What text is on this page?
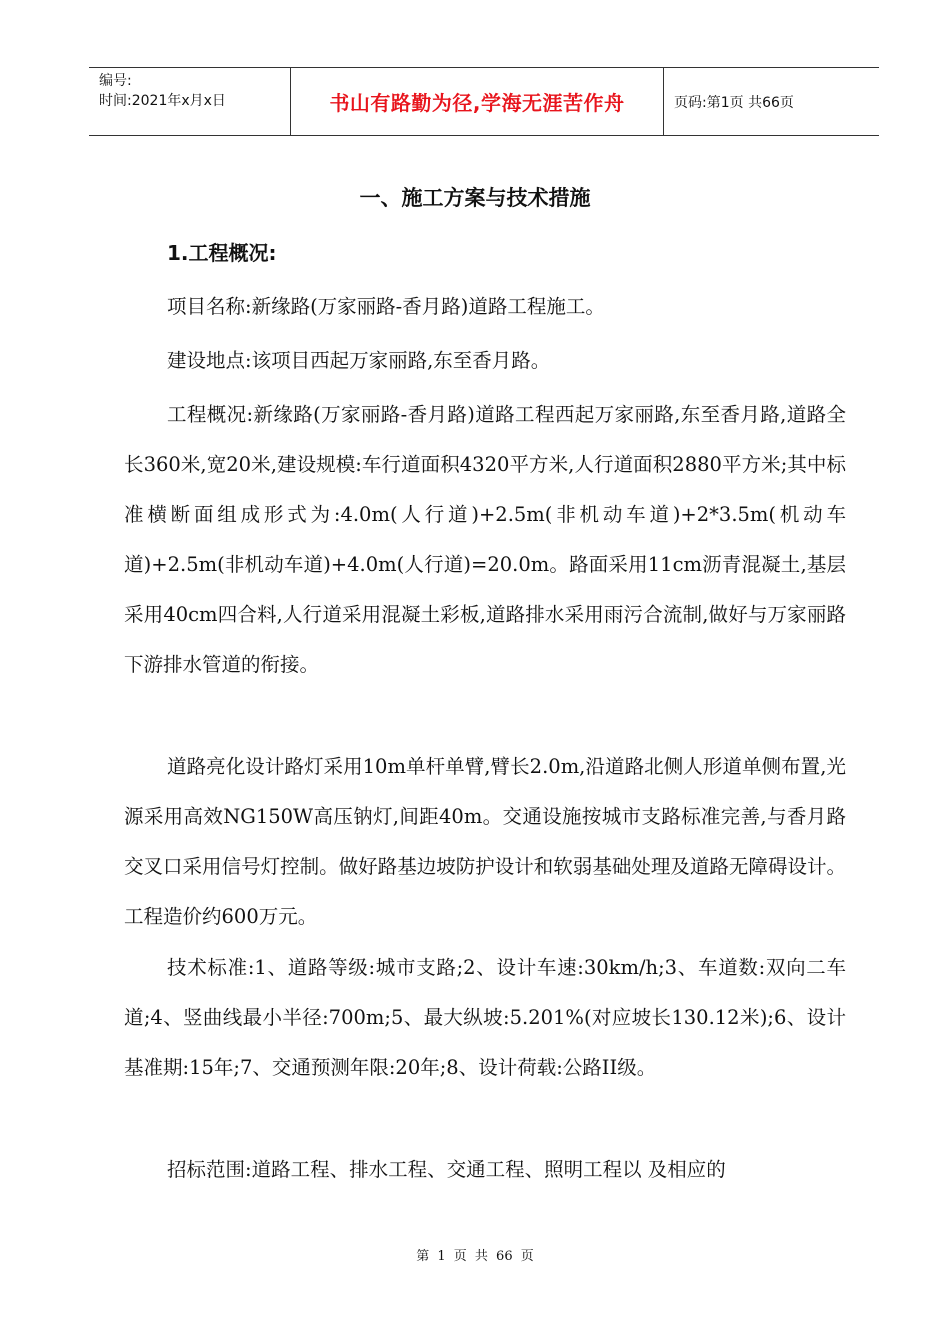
编号:
时间:2021年x月x日	书山有路勤为径,学海无涯苦作舟	页码:第1页 共66页
一、施工方案与技术措施
1.工程概况:

项目名称:新缘路(万家丽路-香月路)道路工程施工。

建设地点:该项目西起万家丽路,东至香月路。

工程概况:新缘路(万家丽路-香月路)道路工程西起万家丽路,东至香月路,道路全长360米,宽20米,建设规模:车行道面积4320平方米,人行道面积2880平方米;其中标准横断面组成形式为:4.0m(人行道)+2.5m(非机动车道)+2*3.5m(机动车道)+2.5m(非机动车道)+4.0m(人行道)=20.0m。路面采用11cm沥青混凝土,基层采用40cm四合料,人行道采用混凝土彩板,道路排水采用雨污合流制,做好与万家丽路下游排水管道的衔接。

道路亮化设计路灯采用10m单杆单臂,臂长2.0m,沿道路北侧人形道单侧布置,光源采用高效NG150W高压钠灯,间距40m。交通设施按城市支路标准完善,与香月路交叉口采用信号灯控制。做好路基边坡防护设计和软弱基础处理及道路无障碍设计。工程造价约600万元。

技术标准:1、道路等级:城市支路;2、设计车速:30km/h;3、车道数:双向二车道;4、竖曲线最小半径:700m;5、最大纵坡:5.201%(对应坡长130.12米);6、设计基准期:15年;7、交通预测年限:20年;8、设计荷载:公路II级。

招标范围:道路工程、排水工程、交通工程、照明工程以 及相应的

第 1 页 共 66 页
